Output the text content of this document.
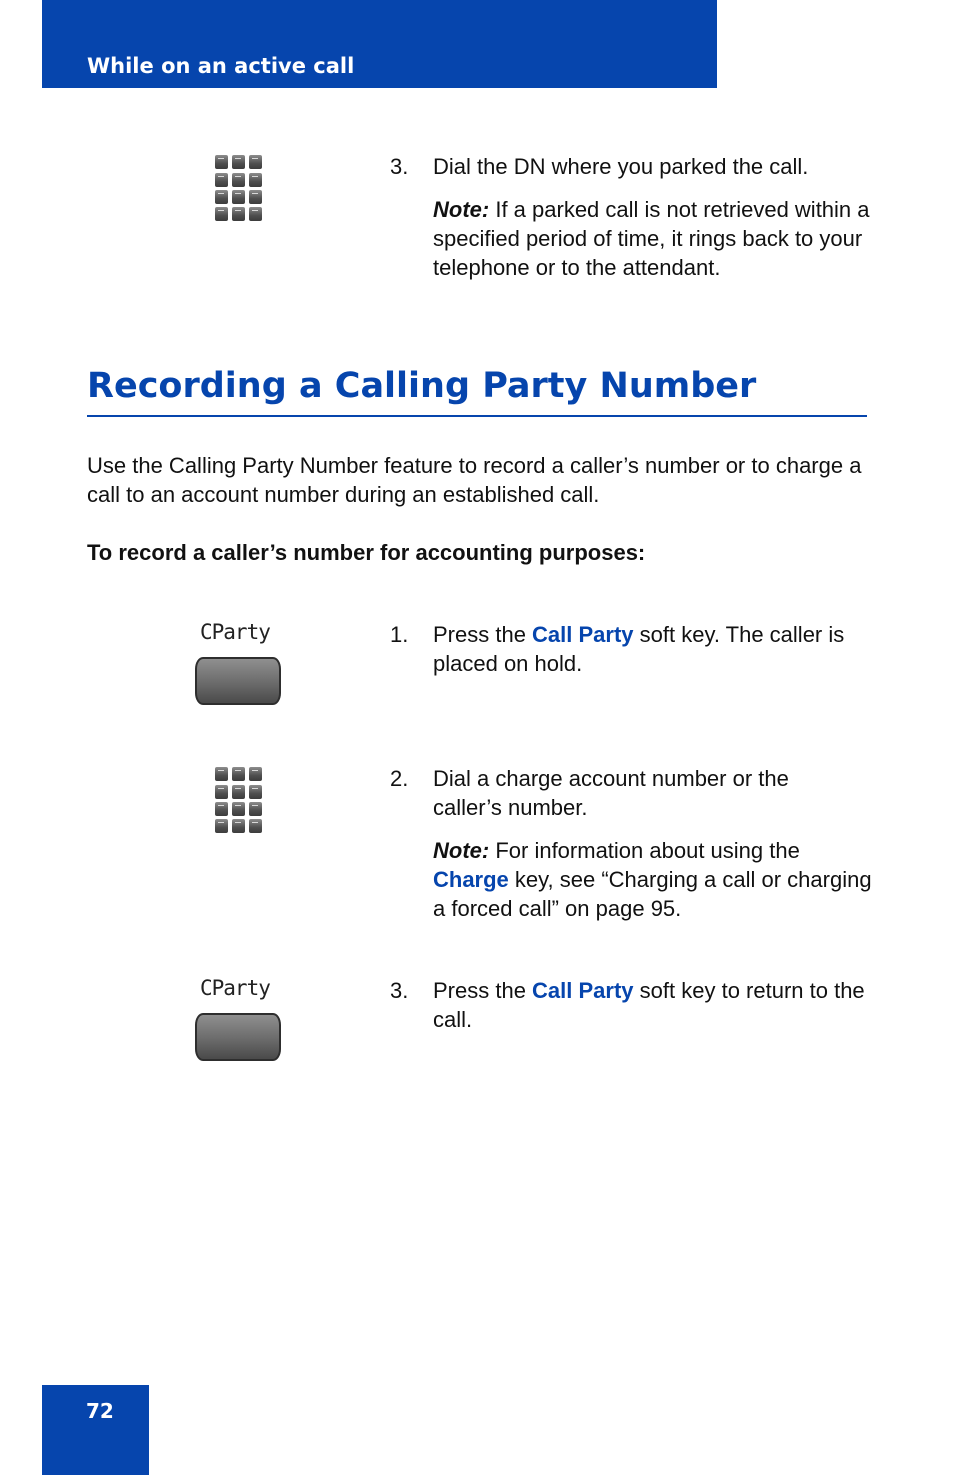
While on an active call
3. Dial the DN where you parked the call.
Note: If a parked call is not retrieved within a specified period of time, it rings back to your telephone or to the attendant.
Recording a Calling Party Number
Use the Calling Party Number feature to record a caller’s number or to charge a call to an account number during an established call.
To record a caller’s number for accounting purposes:
CParty	1. Press the Call Party soft key. The caller is placed on hold.
2. Dial a charge account number or the caller’s number.
Note: For information about using the Charge key, see “Charging a call or charging a forced call” on page 95.
CParty	3. Press the Call Party soft key to return to the call.
72
